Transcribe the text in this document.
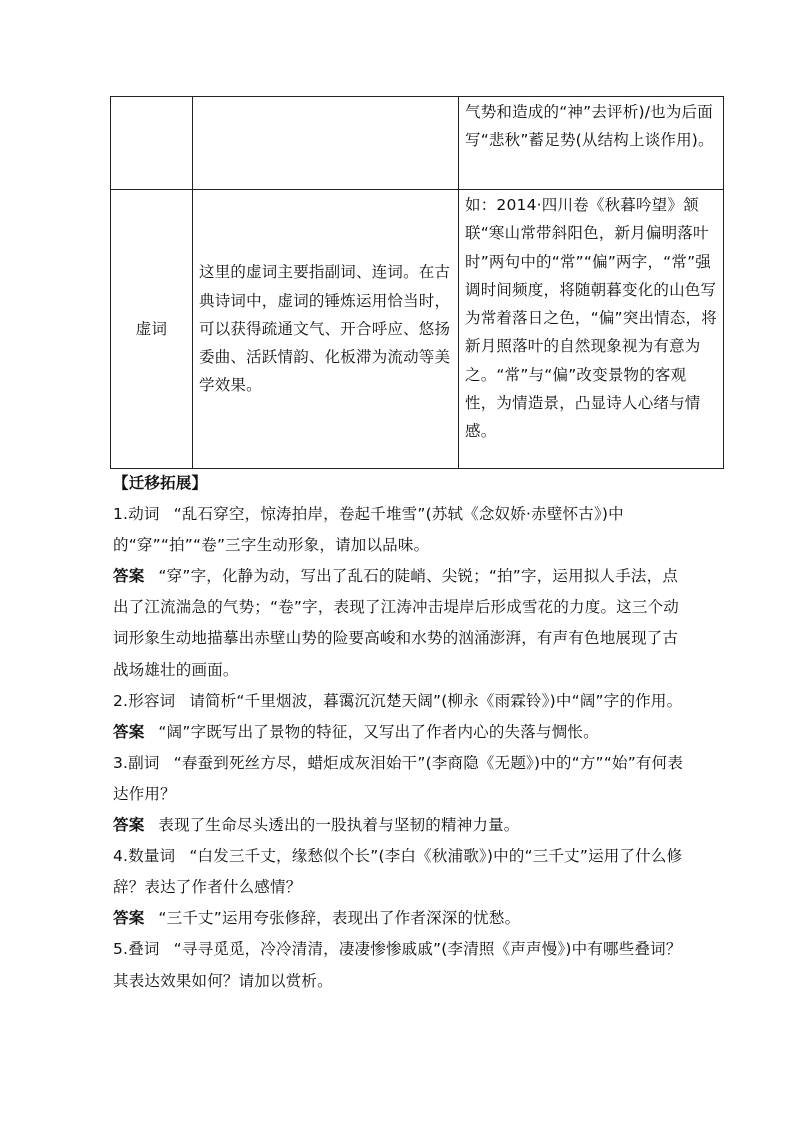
		气势和造成的“神”去评析)/也为后面写“悲秋”蓄足势(从结构上谈作用)。

虚词	这里的虚词主要指副词、连词。在古典诗词中，虚词的锤炼运用恰当时，可以获得疏通文气、开合呼应、悠扬委曲、活跃情韵、化板滞为流动等美学效果。	如：2014·四川卷《秋暮吟望》颔联“寒山常带斜阳色，新月偏明落叶时”两句中的“常”“偏”两字，“常”强调时间频度，将随朝暮变化的山色写为常着落日之色，“偏”突出情态，将新月照落叶的自然现象视为有意为之。“常”与“偏”改变景物的客观性，为情造景，凸显诗人心绪与情感。

【迁移拓展】

1.动词 “乱石穿空，惊涛拍岸，卷起千堆雪”(苏轼《念奴娇·赤壁怀古》)中的“穿”“拍”“卷”三字生动形象，请加以品味。

答案 “穿”字，化静为动，写出了乱石的陡峭、尖锐；“拍”字，运用拟人手法，点出了江流湍急的气势；“卷”字，表现了江涛冲击堤岸后形成雪花的力度。这三个动词形象生动地描摹出赤壁山势的险要高峻和水势的汹涌澎湃，有声有色地展现了古战场雄壮的画面。

2.形容词 请简析“千里烟波，暮霭沉沉楚天阔”(柳永《雨霖铃》)中“阔”字的作用。

答案 “阔”字既写出了景物的特征，又写出了作者内心的失落与惆怅。

3.副词 “春蚕到死丝方尽，蜡炬成灰泪始干”(李商隐《无题》)中的“方”“始”有何表达作用？

答案 表现了生命尽头透出的一股执着与坚韧的精神力量。

4.数量词 “白发三千丈，缘愁似个长”(李白《秋浦歌》)中的“三千丈”运用了什么修辞？表达了作者什么感情？

答案 “三千丈”运用夸张修辞，表现出了作者深深的忧愁。

5.叠词 “寻寻觅觅，冷冷清清，凄凄惨惨戚戚”(李清照《声声慢》)中有哪些叠词？其表达效果如何？请加以赏析。
